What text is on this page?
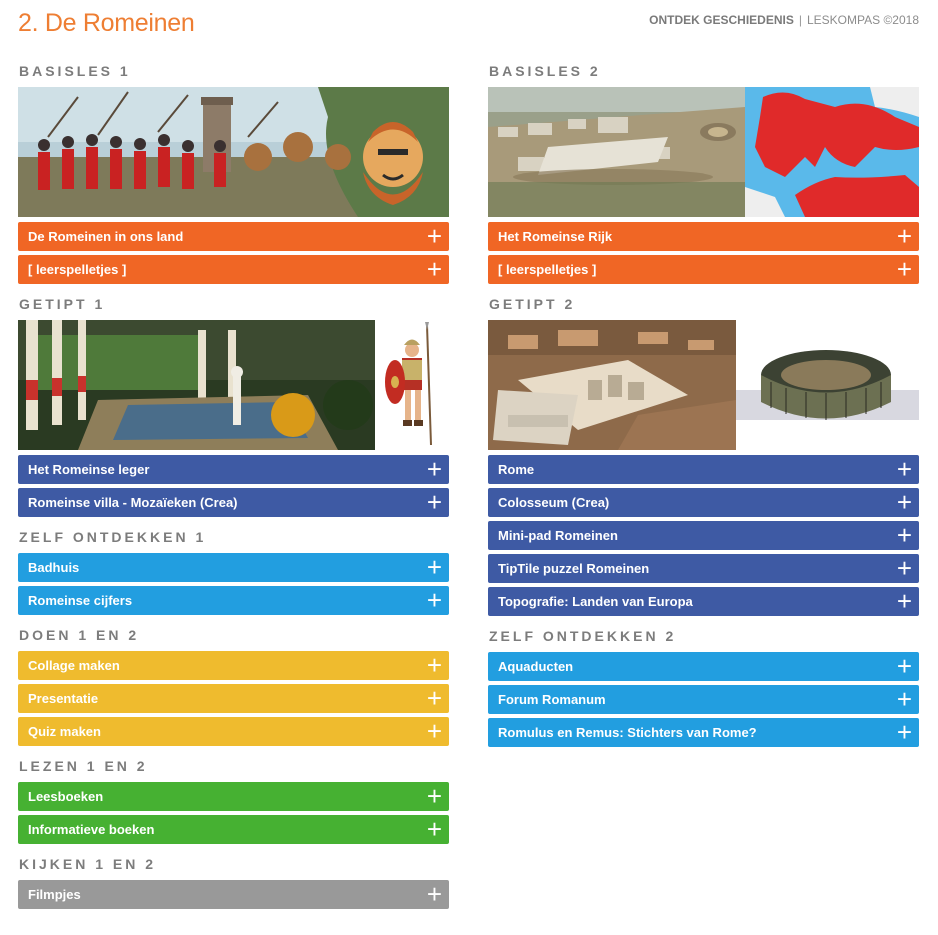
2. De Romeinen	ONTDEK GESCHIEDENIS | LESKOMPAS ©2018
BASISLES 1
De Romeinen in ons land	+
[ leerspelletjes ]	+
GETIPT 1
Het Romeinse leger	+
Romeinse villa - Mozaïeken (Crea)	+
ZELF ONTDEKKEN 1
Badhuis	+
Romeinse cijfers	+
DOEN 1 EN 2
Collage maken	+
Presentatie	+
Quiz maken	+
LEZEN 1 EN 2
Leesboeken	+
Informatieve boeken	+
KIJKEN 1 EN 2
Filmpjes	+
BASISLES 2
Het Romeinse Rijk	+
[ leerspelletjes ]	+
GETIPT 2
Rome	+
Colosseum (Crea)	+
Mini-pad Romeinen	+
TipTile puzzel Romeinen	+
Topografie: Landen van Europa	+
ZELF ONTDEKKEN 2
Aquaducten	+
Forum Romanum	+
Romulus en Remus: Stichters van Rome?	+
